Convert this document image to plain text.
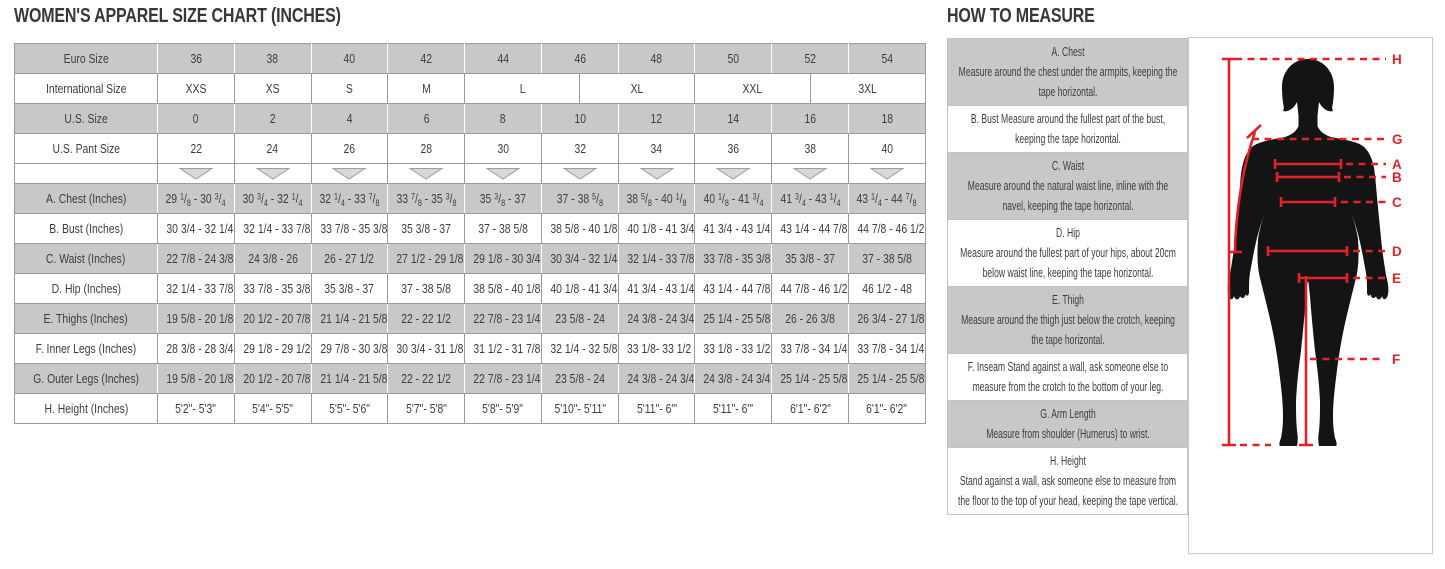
WOMEN'S APPAREL SIZE CHART (INCHES)
Euro Size	36	38	40	42	44	46		48	50	52		54
International Size	XXS	XS	S	M	L		XL		XXL		3XL	
U.S. Size	0	2	4	6	8	10		12	14	16		18
U.S. Pant Size	22	24	26	28	30	32		34	36	38		40

A. Chest (Inches)	29 $^1/_8 - 30$ $^3/_4$	30 $^3/_4 - 32$ $^1/_4$	32 $^1/_4 - 33$ $^7/_8$	33 $^7/_8 - 35$ $^3/_8$	35 $^3/_8 - 37$	37 - 38 $^5/_8$		38 $^5/_8 - 40$ $^1/_8$	40 $^1/_8 - 41$ $^3/_4$	41 $^3/_4 - 43$ $^1/_4$		43 $^1/_4 - 44$ $^7/_8$
B. Bust (Inches)	30 3/4 - 32 1/4	32 1/4 - 33 7/8	33 7/8 - 35 3/8	35 3/8 - 37	37 - 38 5/8	38 5/8 - 40 1/8		40 1/8 - 41 3/4	41 3/4 - 43 1/4	43 1/4 - 44 7/8		44 7/8 - 46 1/2
C. Waist (Inches)	22 7/8 - 24 3/8	24 3/8 - 26	26 - 27 1/2	27 1/2 - 29 1/8	29 1/8 - 30 3/4	30 3/4 - 32 1/4		32 1/4 - 33 7/8	33 7/8 - 35 3/8	35 3/8 - 37		37 - 38 5/8
D. Hip (Inches)	32 1/4 - 33 7/8	33 7/8 - 35 3/8	35 3/8 - 37	37 - 38 5/8	38 5/8 - 40 1/8	40 1/8 - 41 3/4		41 3/4 - 43 1/4	43 1/4 - 44 7/8	44 7/8 - 46 1/2		46 1/2 - 48
E. Thighs (Inches)	19 5/8 - 20 1/8	20 1/2 - 20 7/8	21 1/4 - 21 5/8	22 - 22 1/2	22 7/8 - 23 1/4	23 5/8 - 24		24 3/8 - 24 3/4	25 1/4 - 25 5/8	26 - 26 3/8		26 3/4 - 27 1/8
F. Inner Legs (Inches)	28 3/8 - 28 3/4	29 1/8 - 29 1/2	29 7/8 - 30 3/8	30 3/4 - 31 1/8	31 1/2 - 31 7/8	32 1/4 - 32 5/8		33 1/8- 33 1/2	33 1/8 - 33 1/2	33 7/8 - 34 1/4		33 7/8 - 34 1/4
G. Outer Legs (Inches)	19 5/8 - 20 1/8	20 1/2 - 20 7/8	21 1/4 - 21 5/8	22 - 22 1/2	22 7/8 - 23 1/4	23 5/8 - 24		24 3/8 - 24 3/4	24 3/8 - 24 3/4	25 1/4 - 25 5/8		25 1/4 - 25 5/8
H. Height (Inches)	5'2"- 5'3"	5'4"- 5'5"	5'5"- 5'6"	5'7"- 5'8"	5'8"- 5'9"	5'10"- 5'11"		5'11"- 6'"	5'11"- 6'"	6'1"- 6'2"		6'1"- 6'2"
HOW TO MEASURE
A. Chest
Measure around the chest under the armpits, keeping the tape horizontal.
B. Bust Measure around the fullest part of the bust, keeping the tape horizontal.
C. Waist
Measure around the natural waist line, inline with the navel, keeping the tape horizontal.
D. Hip
Measure around the fullest part of your hips, about 20cm below waist line, keeping the tape horizontal.
E. Thigh
Measure around the thigh just below the crotch, keeping the tape horizontal.
F. Inseam Stand against a wall, ask someone else to measure from the crotch to the bottom of your leg.
G. Arm Length
Measure from shoulder (Humerus) to wrist.
H. Height
Stand against a wall, ask someone else to measure from the floor to the top of your head, keeping the tape vertical.
H
G
A
B
C
D
E
F
